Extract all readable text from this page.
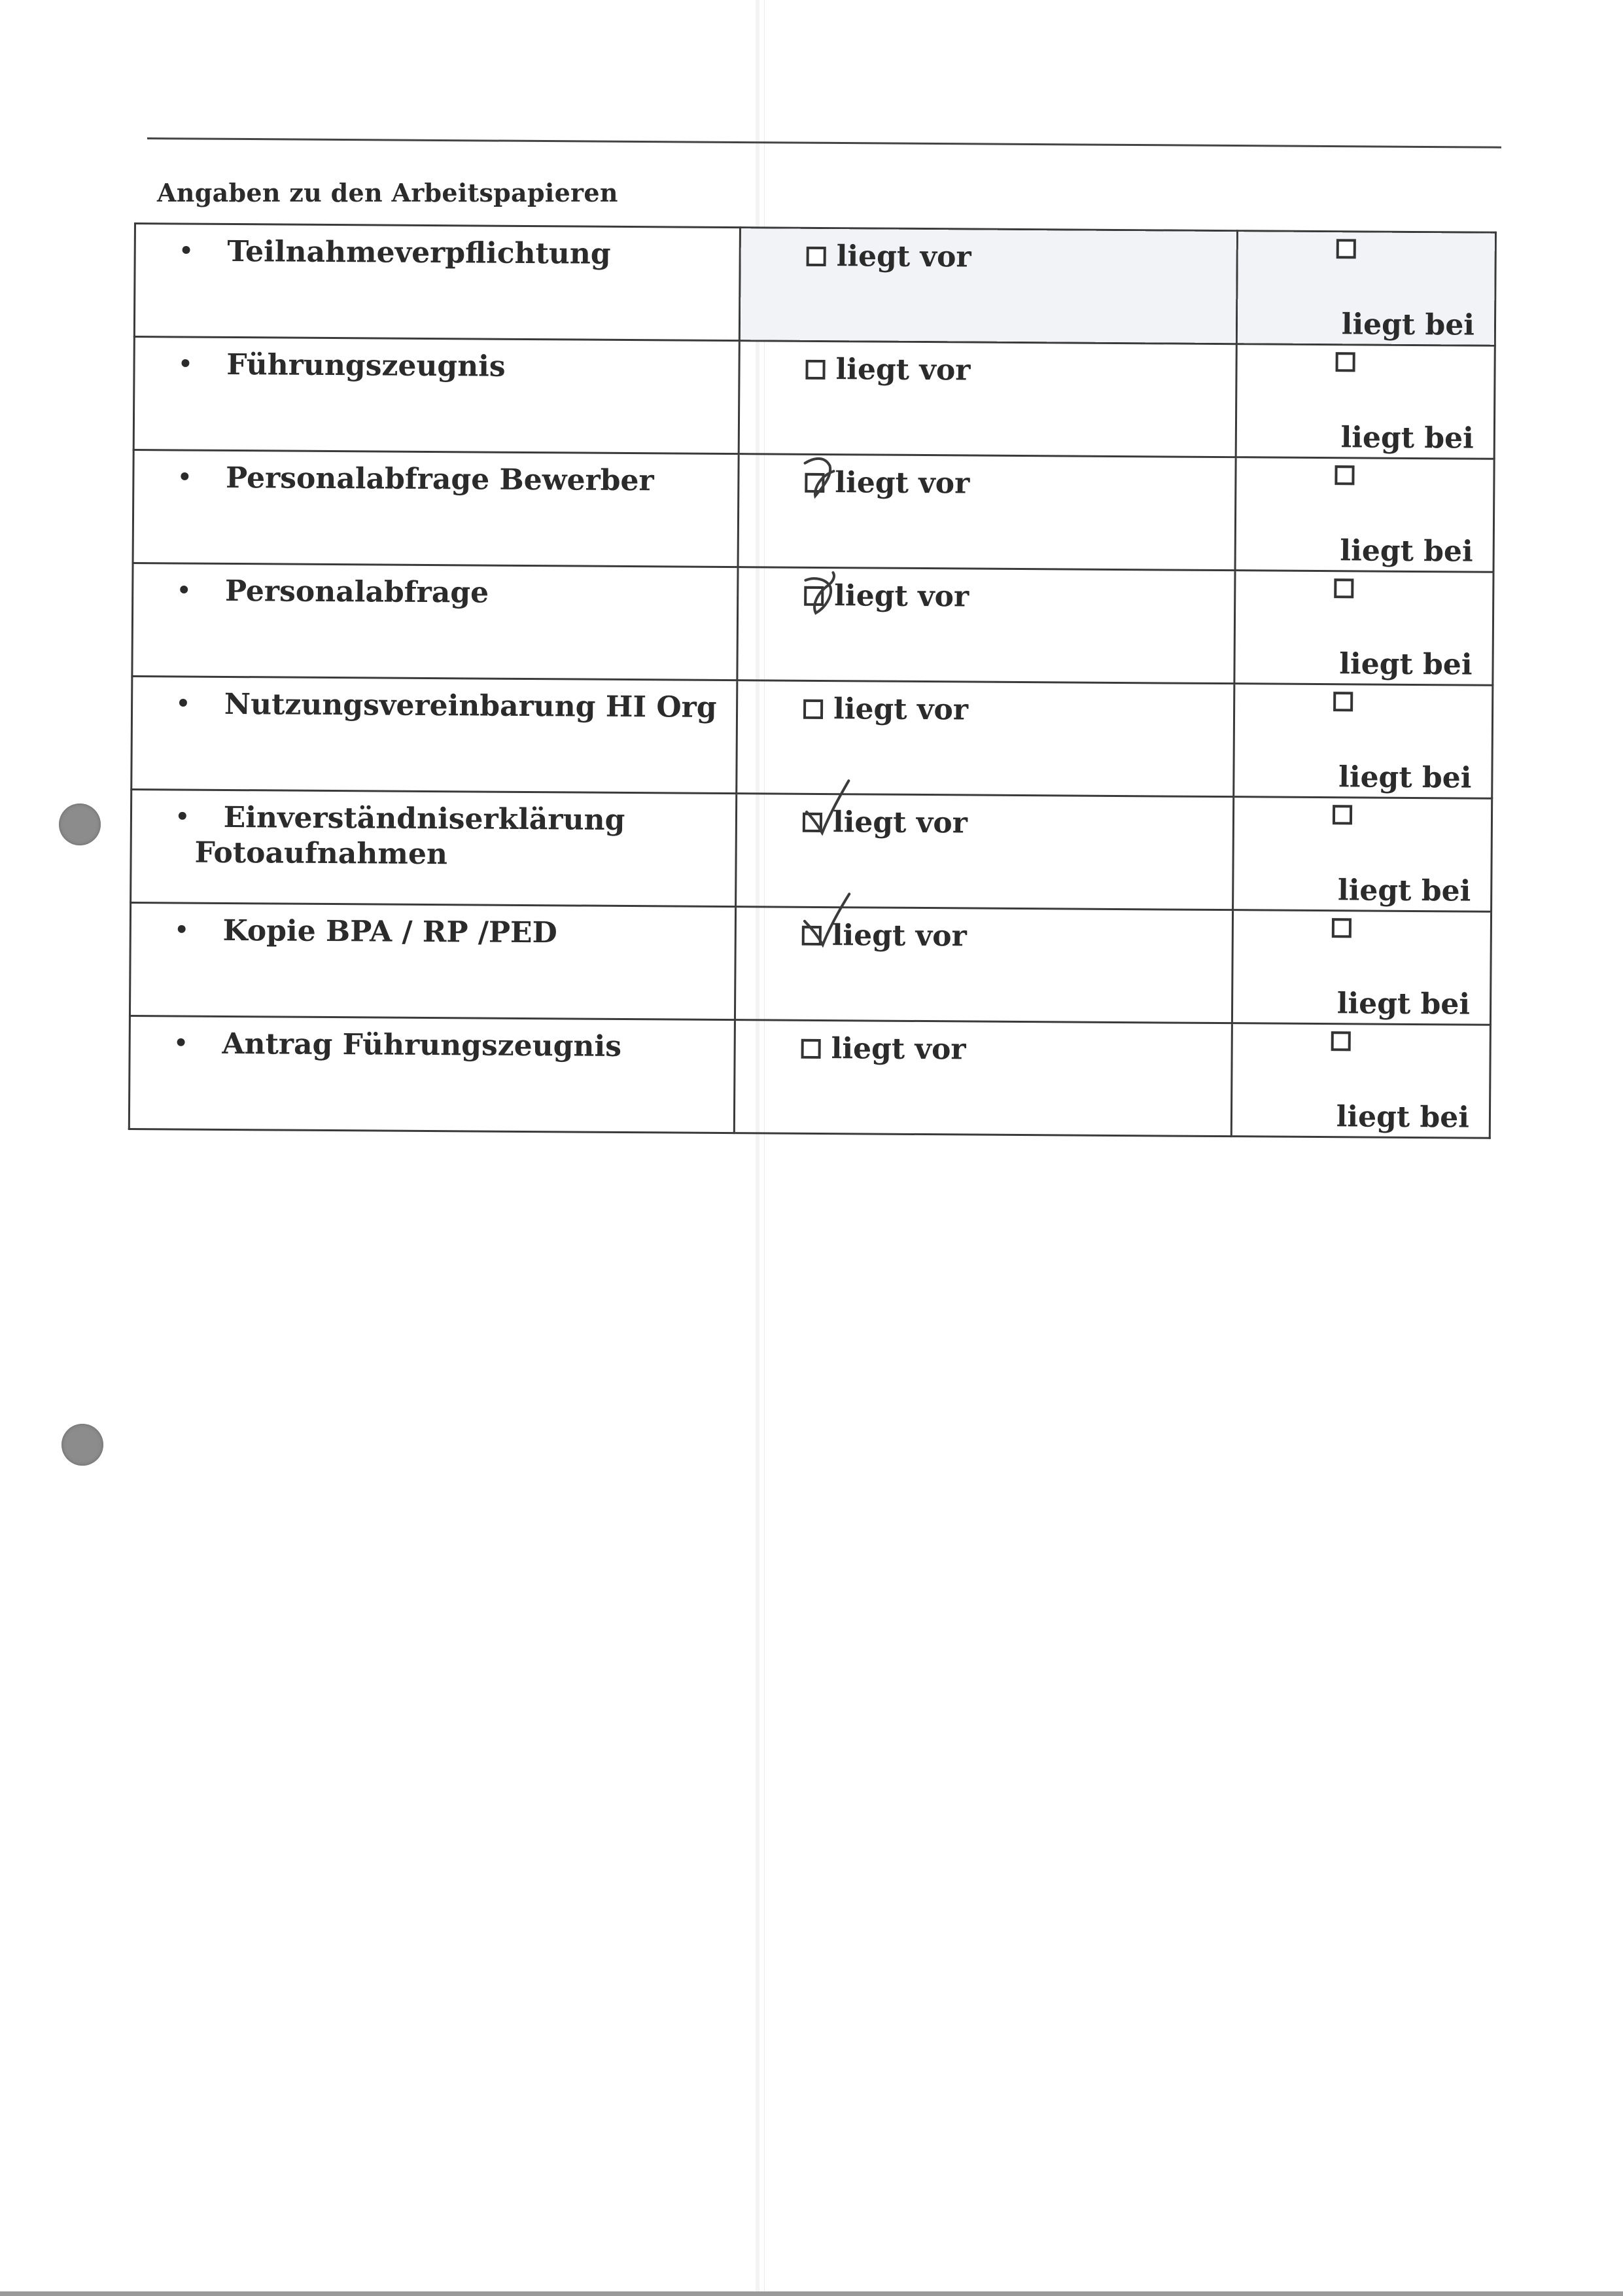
Angaben zu den Arbeitspapieren
• Teilnahmeverpflichtung	liegt vor	liegt bei

• Führungszeugnis	liegt vor	liegt bei

• Personalabfrage Bewerber	liegt vor	liegt bei

• Personalabfrage	liegt vor	liegt bei

• Nutzungsvereinbarung HI Org	liegt vor	liegt bei

• Einverständniserklärung Fotoaufnahmen	liegt vor	liegt bei

• Kopie BPA / RP /PED	liegt vor	liegt bei

• Antrag Führungszeugnis	liegt vor	liegt bei
